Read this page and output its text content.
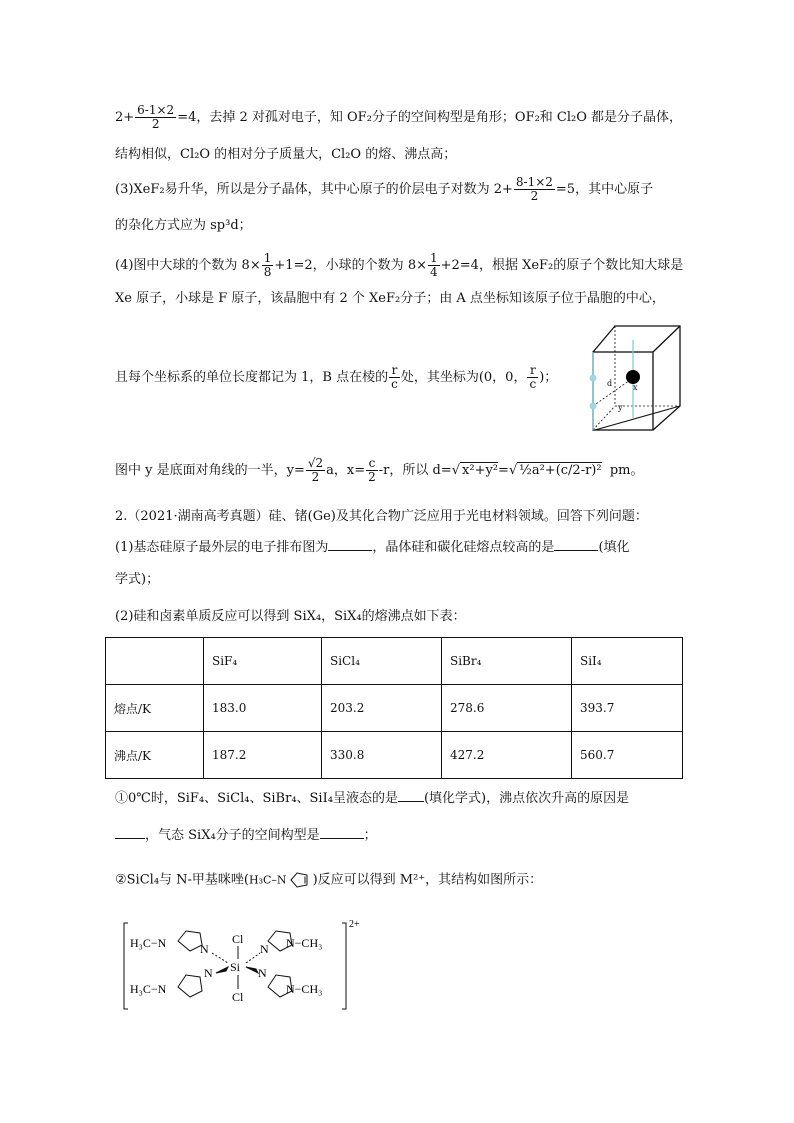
$2+ \frac{6-1\times 2}{2} =4$，去掉 2 对孤对电子，知 OF₂分子的空间构型是角形；OF₂和 Cl₂O 都是分子晶体，
结构相似，Cl₂O 的相对分子质量大，Cl₂O 的熔、沸点高；
(3)XeF₂易升华，所以是分子晶体，其中心原子的价层电子对数为 $2+ \frac{8-1\times 2}{2} =5$，其中心原子
的杂化方式应为 sp³d；
(4)图中大球的个数为 $8\times \frac{1}{8} +1=2$，小球的个数为 $8\times \frac{1}{4} +2=4$，根据 XeF₂的原子个数比知大球是
Xe 原子，小球是 F 原子，该晶胞中有 2 个 XeF₂分子；由 A 点坐标知该原子位于晶胞的中心，
且每个坐标系的单位长度都记为 1，B 点在棱的 $\frac{r}{c}$ 处，其坐标为(0，0， $\frac{r}{c}$ )；	d	x
y
图中 y 是底面对角线的一半，$y= \frac{√2}{2}$ a，$x= \frac{c}{2} -r$，所以 d=√ x²+y²=√ ½a²+(c/2-r)² pm。
2.（2021·湖南高考真题）硅、锗(Ge)及其化合物广泛应用于光电材料领域。回答下列问题：
(1)基态硅原子最外层的电子排布图为	，晶体硅和碳化硅熔点较高的是	(填化
学式)；
(2)硅和卤素单质反应可以得到 SiX₄，SiX₄的熔沸点如下表：
	SiF₄	SiCl₄	SiBr₄	SiI₄
熔点/K	183.0	203.2	278.6	393.7
沸点/K	187.2	330.8	427.2	560.7
①0℃时，SiF₄、SiCl₄、SiBr₄、SiI₄呈液态的是 (填化学式)，沸点依次升高的原因是
，气态 SiX₄分子的空间构型是	；
②SiCl₄与 N-甲基咪唑(H₃C–N )反应可以得到 M²⁺，其结构如图所示：
2+
Si
Cl
Cl
H₃C−N	N
H₃C−N
N
N N−CH₃
N
N−CH₃
